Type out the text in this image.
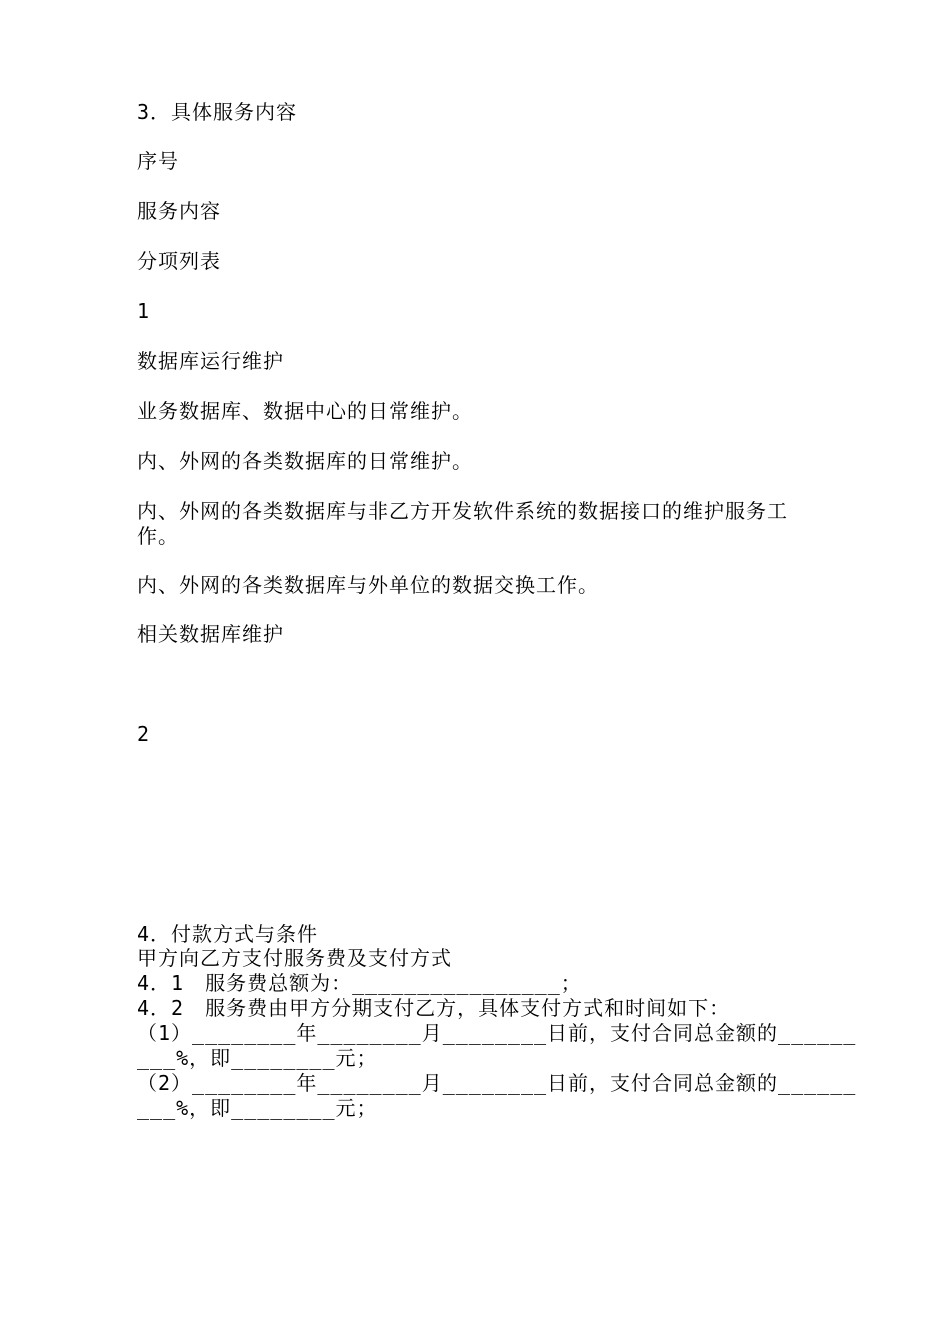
3．具体服务内容
序号
服务内容
分项列表
1
数据库运行维护
业务数据库、数据中心的日常维护。
内、外网的各类数据库的日常维护。
内、外网的各类数据库与非乙方开发软件系统的数据接口的维护服务工作。
内、外网的各类数据库与外单位的数据交换工作。
相关数据库维护
2
4．付款方式与条件
甲方向乙方支付服务费及支付方式
4．1　服务费总额为：________________；
4．2　服务费由甲方分期支付乙方，具体支付方式和时间如下：
（1）________年________月________日前，支付合同总金额的______
___%，即________元；
（2）________年________月________日前，支付合同总金额的______
___%，即________元；
